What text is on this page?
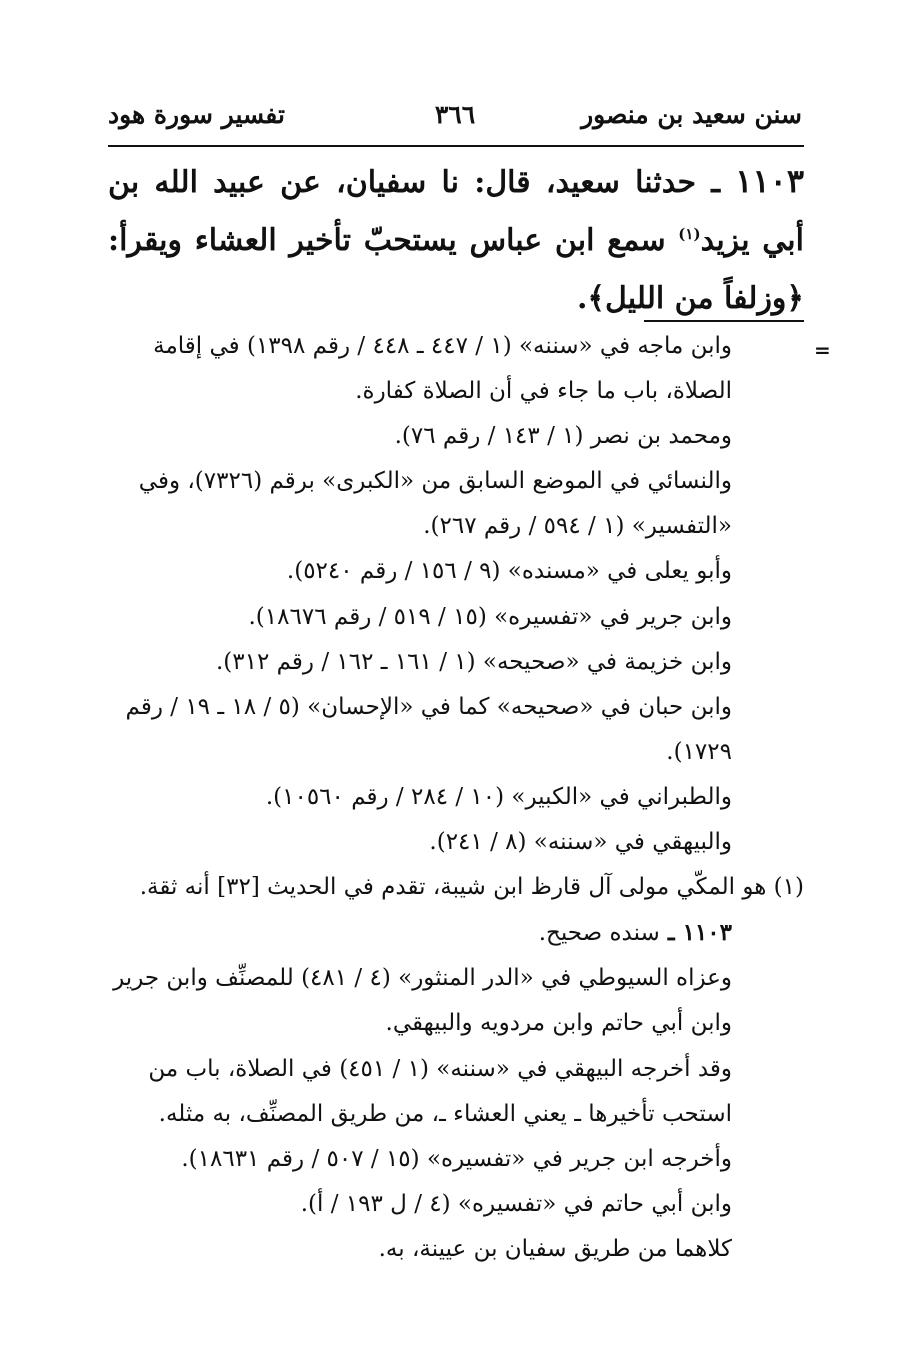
سنن سعيد بن منصور
٣٦٦
تفسير سورة هود
١١٠٣ ـ حدثنا سعيد، قال: نا سفيان، عن عبيد الله بن أبي يزيد$^{(١)}$ سمع ابن عباس يستحبّ تأخير العشاء ويقرأ: ﴿وزلفاً من الليل﴾.
=

وابن ماجه في «سننه» (١ / ٤٤٧ ـ ٤٤٨ / رقم ١٣٩٨) في إقامة الصلاة، باب ما جاء في أن الصلاة كفارة.

ومحمد بن نصر (١ / ١٤٣ / رقم ٧٦).

والنسائي في الموضع السابق من «الكبرى» برقم (٧٣٢٦)، وفي «التفسير» (١ / ٥٩٤ / رقم ٢٦٧).

وأبو يعلى في «مسنده» (٩ / ١٥٦ / رقم ٥٢٤٠).

وابن جرير في «تفسيره» (١٥ / ٥١٩ / رقم ١٨٦٧٦).

وابن خزيمة في «صحيحه» (١ / ١٦١ ـ ١٦٢ / رقم ٣١٢).

وابن حبان في «صحيحه» كما في «الإحسان» (٥ / ١٨ ـ ١٩ / رقم ١٧٢٩).

والطبراني في «الكبير» (١٠ / ٢٨٤ / رقم ١٠٥٦٠).

والبيهقي في «سننه» (٨ / ٢٤١).

(١) هو المكّي مولى آل قارظ ابن شيبة، تقدم في الحديث [٣٢] أنه ثقة.

١١٠٣ ـ سنده صحيح.

وعزاه السيوطي في «الدر المنثور» (٤ / ٤٨١) للمصنِّف وابن جرير وابن أبي حاتم وابن مردويه والبيهقي.

وقد أخرجه البيهقي في «سننه» (١ / ٤٥١) في الصلاة، باب من استحب تأخيرها ـ يعني العشاء ـ، من طريق المصنِّف، به مثله.

وأخرجه ابن جرير في «تفسيره» (١٥ / ٥٠٧ / رقم ١٨٦٣١).

وابن أبي حاتم في «تفسيره» (٤ / ل ١٩٣ / أ).

كلاهما من طريق سفيان بن عيينة، به.
